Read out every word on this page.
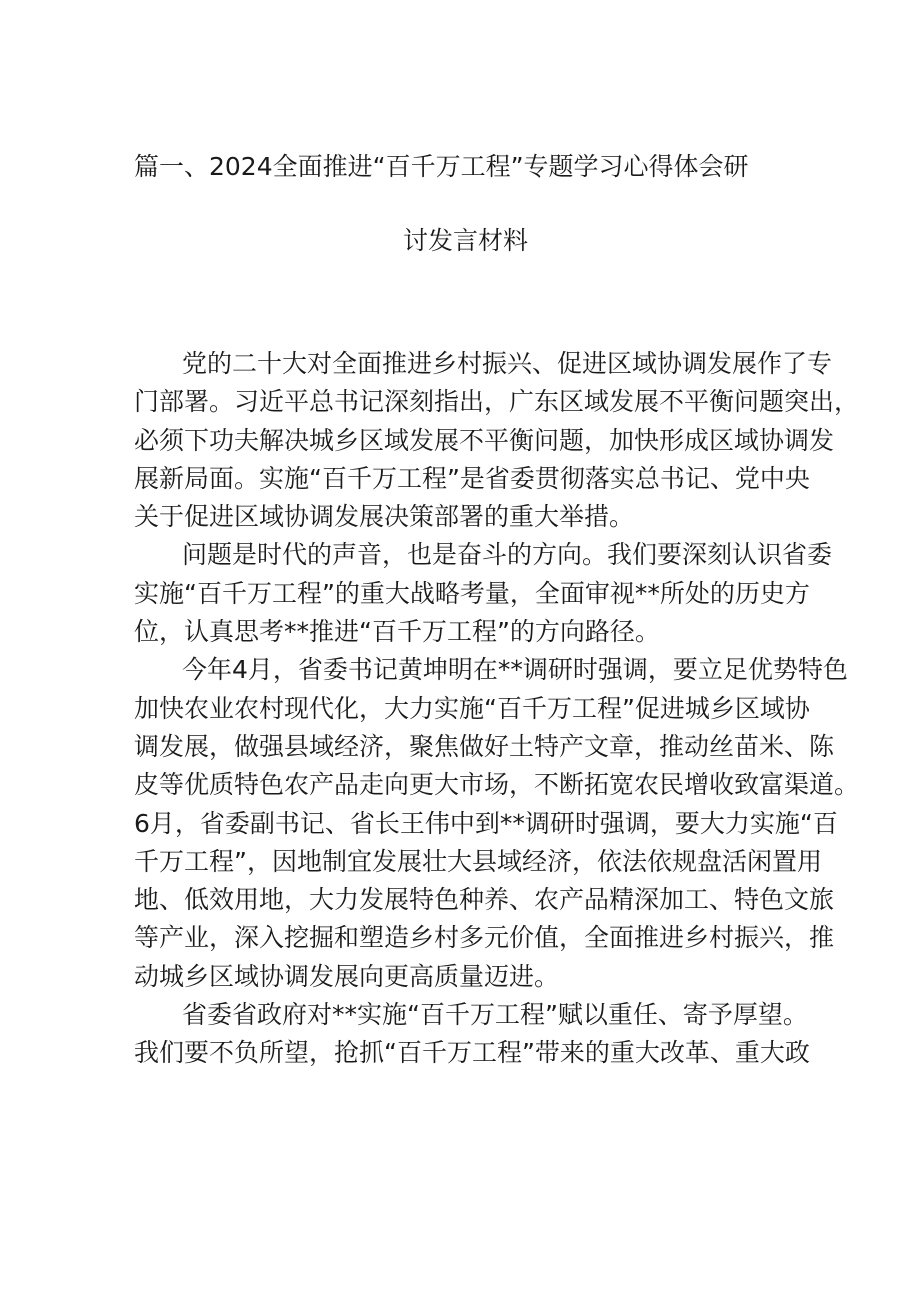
篇一、2024全面推进“百千万工程”专题学习心得体会研
讨发言材料
党的二十大对全面推进乡村振兴、促进区域协调发展作了专
门部署。习近平总书记深刻指出，广东区域发展不平衡问题突出，
必须下功夫解决城乡区域发展不平衡问题，加快形成区域协调发
展新局面。实施“百千万工程”是省委贯彻落实总书记、党中央
关于促进区域协调发展决策部署的重大举措。
问题是时代的声音，也是奋斗的方向。我们要深刻认识省委
实施“百千万工程”的重大战略考量，全面审视**所处的历史方
位，认真思考**推进“百千万工程”的方向路径。
今年4月，省委书记黄坤明在**调研时强调，要立足优势特色
加快农业农村现代化，大力实施“百千万工程”促进城乡区域协
调发展，做强县域经济，聚焦做好土特产文章，推动丝苗米、陈
皮等优质特色农产品走向更大市场，不断拓宽农民增收致富渠道。
6月，省委副书记、省长王伟中到**调研时强调，要大力实施“百
千万工程”，因地制宜发展壮大县域经济，依法依规盘活闲置用
地、低效用地，大力发展特色种养、农产品精深加工、特色文旅
等产业，深入挖掘和塑造乡村多元价值，全面推进乡村振兴，推
动城乡区域协调发展向更高质量迈进。
省委省政府对**实施“百千万工程”赋以重任、寄予厚望。
我们要不负所望，抢抓“百千万工程”带来的重大改革、重大政
